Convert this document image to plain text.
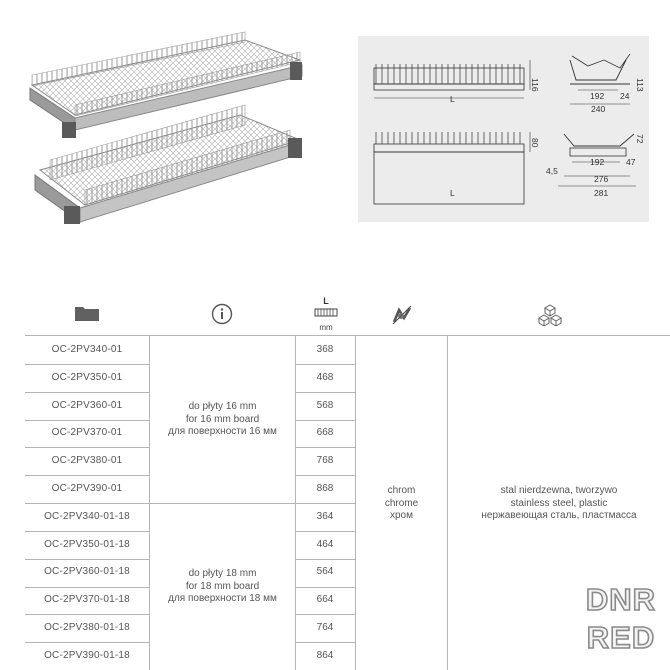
L
116
192 24
240
113
L
80
192	47
4,5
276
281
72
L
mm
OC-2PV340-01
OC-2PV350-01
OC-2PV360-01
OC-2PV370-01
OC-2PV380-01
OC-2PV390-01
OC-2PV340-01-18
OC-2PV350-01-18
OC-2PV360-01-18
OC-2PV370-01-18
OC-2PV380-01-18
OC-2PV390-01-18
368
468
568
668
768
868
364
464
564
664
764
864
do płyty 16 mm
for 16 mm board
для поверхности 16 мм
do płyty 18 mm
for 18 mm board
для поверхности 18 мм
chrom
chrome
хром
stal nierdzewna, tworzywo
stainless steel, plastic
нержавеющая сталь, пластмасса
DNR
RED
